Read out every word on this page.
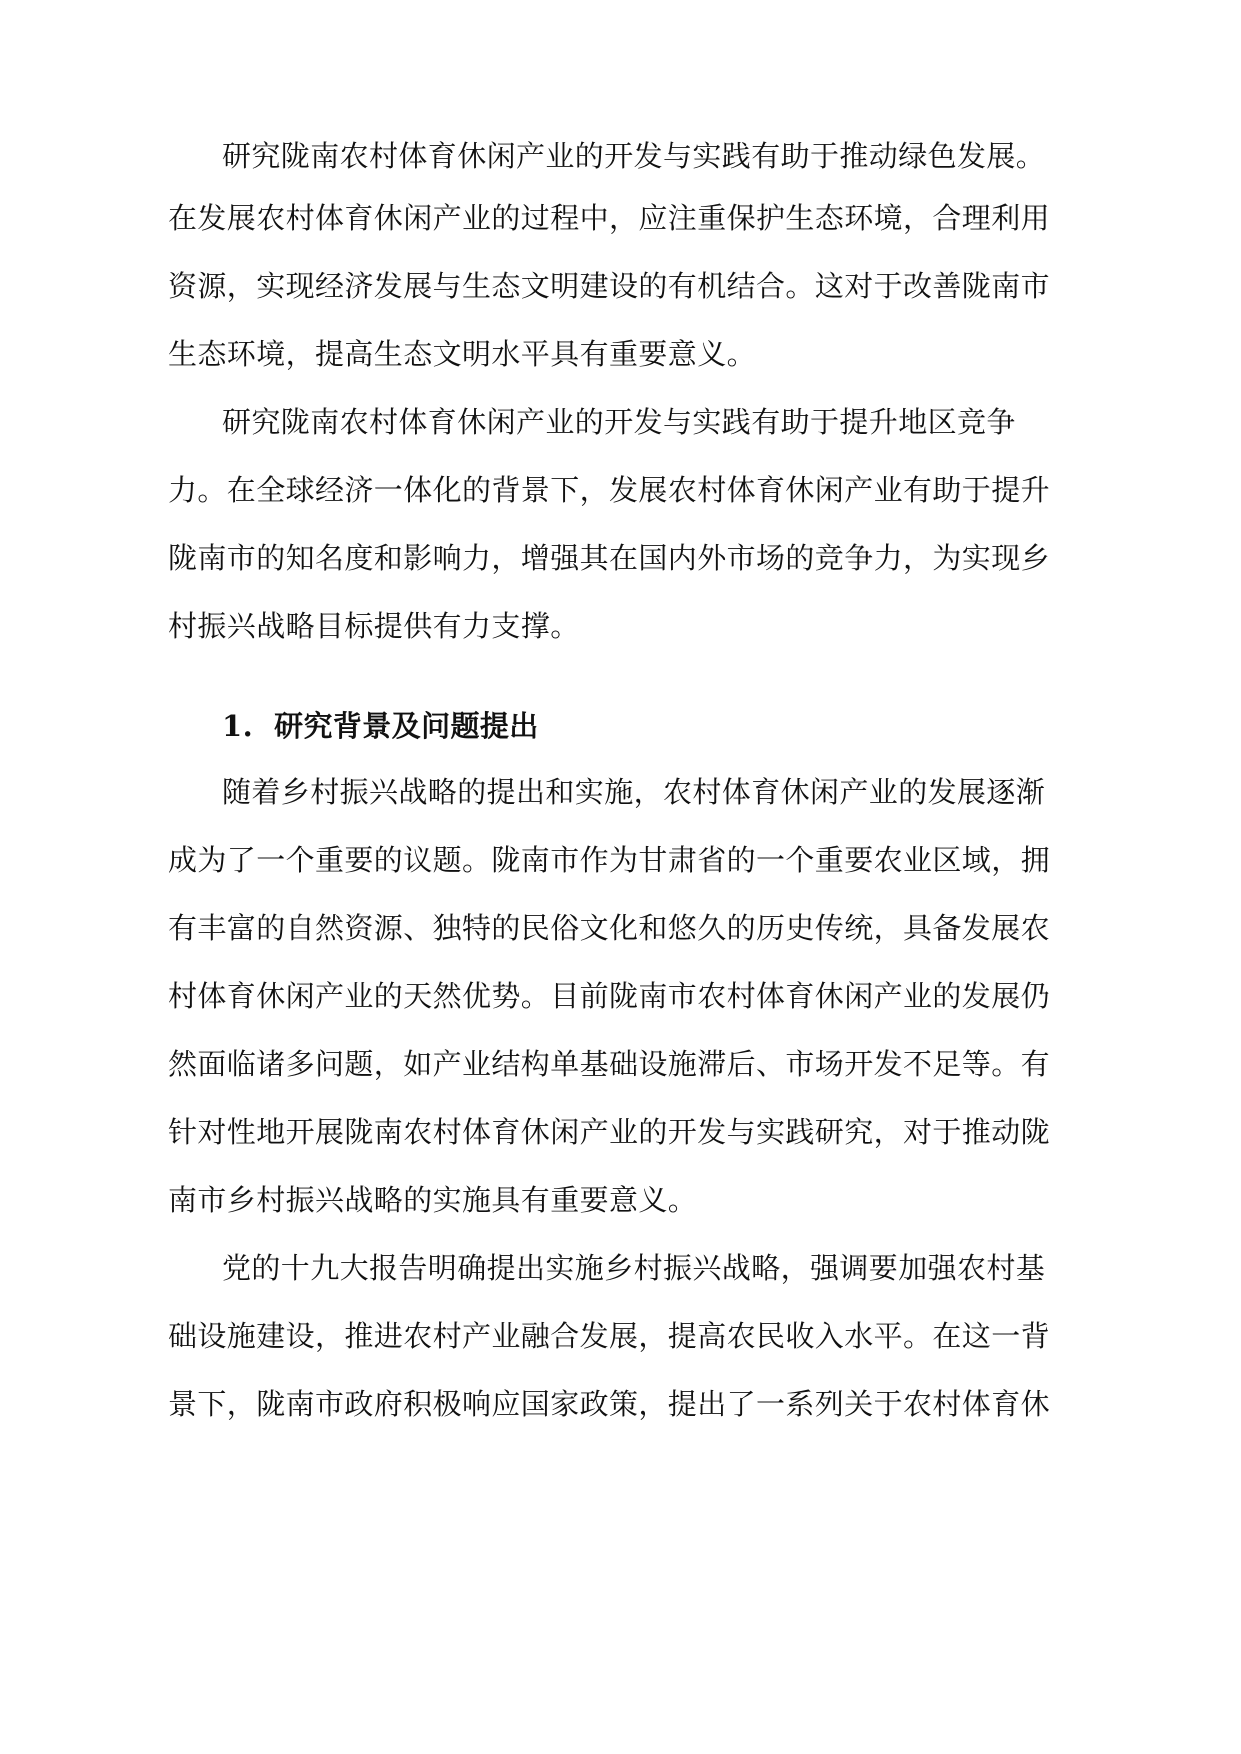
研究陇南农村体育休闲产业的开发与实践有助于推动绿色发展。
在发展农村体育休闲产业的过程中，应注重保护生态环境，合理利用
资源，实现经济发展与生态文明建设的有机结合。这对于改善陇南市
生态环境，提高生态文明水平具有重要意义。
研究陇南农村体育休闲产业的开发与实践有助于提升地区竞争
力。在全球经济一体化的背景下，发展农村体育休闲产业有助于提升
陇南市的知名度和影响力，增强其在国内外市场的竞争力，为实现乡
村振兴战略目标提供有力支撑。
1.  研究背景及问题提出
随着乡村振兴战略的提出和实施，农村体育休闲产业的发展逐渐
成为了一个重要的议题。陇南市作为甘肃省的一个重要农业区域，拥
有丰富的自然资源、独特的民俗文化和悠久的历史传统，具备发展农
村体育休闲产业的天然优势。目前陇南市农村体育休闲产业的发展仍
然面临诸多问题，如产业结构单基础设施滞后、市场开发不足等。有
针对性地开展陇南农村体育休闲产业的开发与实践研究，对于推动陇
南市乡村振兴战略的实施具有重要意义。
党的十九大报告明确提出实施乡村振兴战略，强调要加强农村基
础设施建设，推进农村产业融合发展，提高农民收入水平。在这一背
景下，陇南市政府积极响应国家政策，提出了一系列关于农村体育休
